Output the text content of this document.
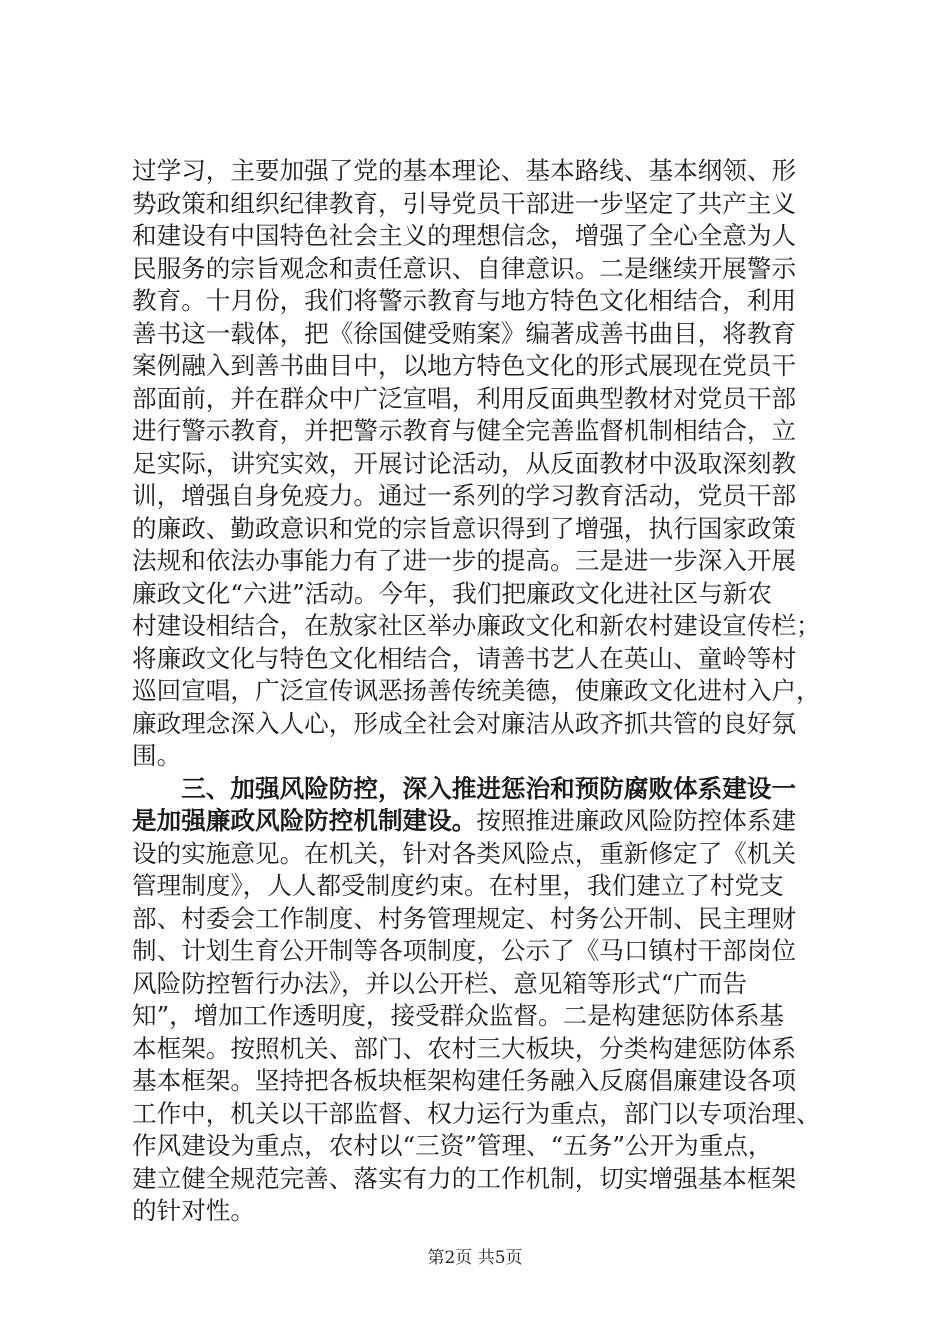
过学习，主要加强了党的基本理论、基本路线、基本纲领、形
势政策和组织纪律教育，引导党员干部进一步坚定了共产主义
和建设有中国特色社会主义的理想信念，增强了全心全意为人
民服务的宗旨观念和责任意识、自律意识。二是继续开展警示
教育。十月份，我们将警示教育与地方特色文化相结合，利用
善书这一载体，把《徐国健受贿案》编著成善书曲目，将教育
案例融入到善书曲目中，以地方特色文化的形式展现在党员干
部面前，并在群众中广泛宣唱，利用反面典型教材对党员干部
进行警示教育，并把警示教育与健全完善监督机制相结合，立
足实际，讲究实效，开展讨论活动，从反面教材中汲取深刻教
训，增强自身免疫力。通过一系列的学习教育活动，党员干部
的廉政、勤政意识和党的宗旨意识得到了增强，执行国家政策
法规和依法办事能力有了进一步的提高。三是进一步深入开展
廉政文化“六进”活动。今年，我们把廉政文化进社区与新农
村建设相结合，在敖家社区举办廉政文化和新农村建设宣传栏；
将廉政文化与特色文化相结合，请善书艺人在英山、童岭等村
巡回宣唱，广泛宣传讽恶扬善传统美德，使廉政文化进村入户，
廉政理念深入人心，形成全社会对廉洁从政齐抓共管的良好氛
围。
　　三、加强风险防控，深入推进惩治和预防腐败体系建设一
是加强廉政风险防控机制建设。按照推进廉政风险防控体系建
设的实施意见。在机关，针对各类风险点，重新修定了《机关
管理制度》，人人都受制度约束。在村里，我们建立了村党支
部、村委会工作制度、村务管理规定、村务公开制、民主理财
制、计划生育公开制等各项制度，公示了《马口镇村干部岗位
风险防控暂行办法》，并以公开栏、意见箱等形式“广而告
知”，增加工作透明度，接受群众监督。二是构建惩防体系基
本框架。按照机关、部门、农村三大板块，分类构建惩防体系
基本框架。坚持把各板块框架构建任务融入反腐倡廉建设各项
工作中，机关以干部监督、权力运行为重点，部门以专项治理、
作风建设为重点，农村以“三资”管理、“五务”公开为重点，
建立健全规范完善、落实有力的工作机制，切实增强基本框架
的针对性。
第2页 共5页
